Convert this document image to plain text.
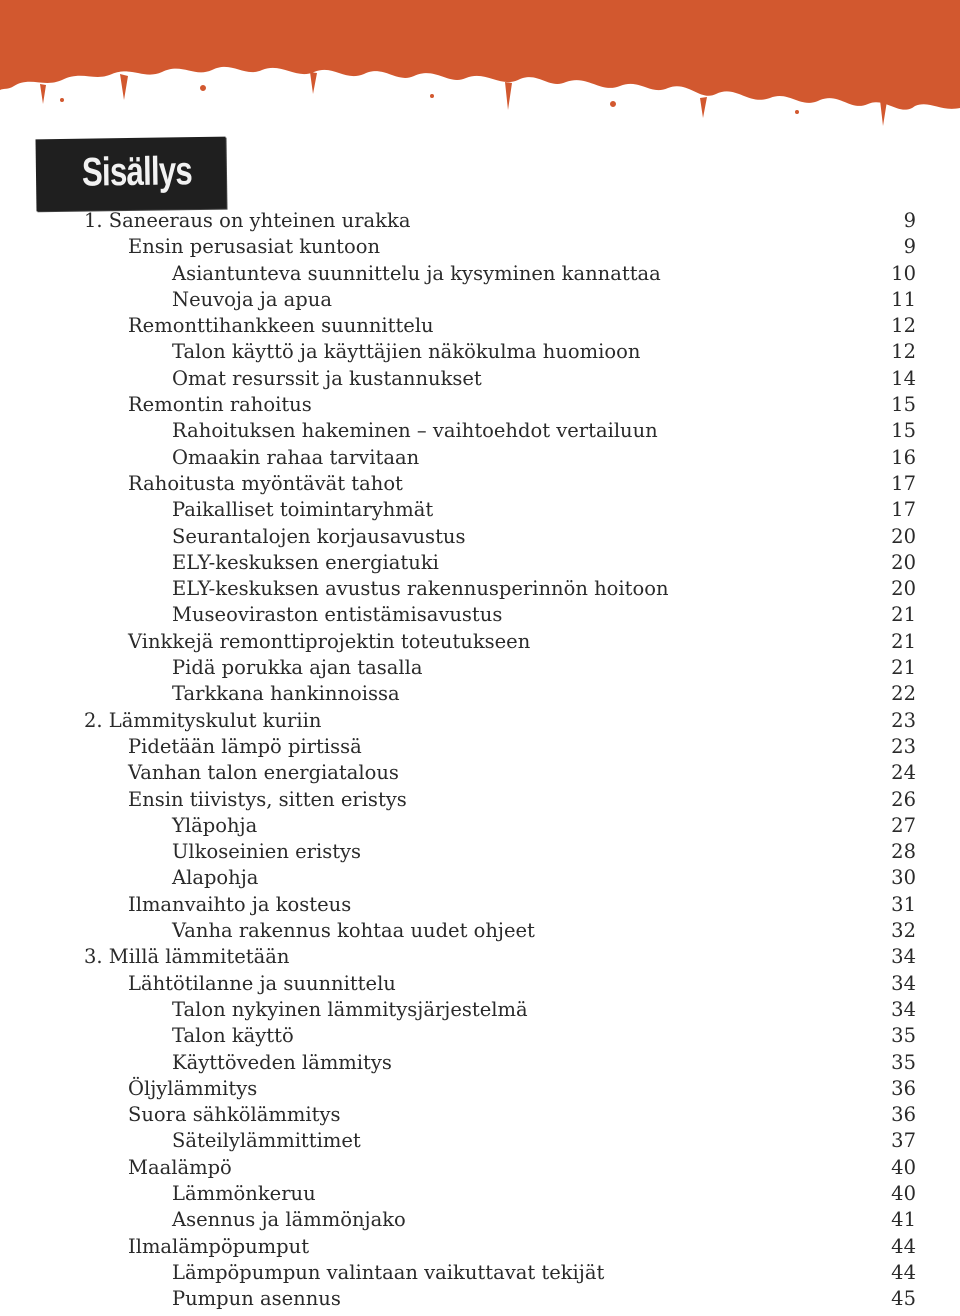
Sisällys
1. Saneeraus on yhteinen urakka	9
Ensin perusasiat kuntoon	9
Asiantunteva suunnittelu ja kysyminen kannattaa	10
Neuvoja ja apua	11
Remonttihankkeen suunnittelu	12
Talon käyttö ja käyttäjien näkökulma huomioon	12
Omat resurssit ja kustannukset	14
Remontin rahoitus	15
Rahoituksen hakeminen – vaihtoehdot vertailuun	15
Omaakin rahaa tarvitaan	16
Rahoitusta myöntävät tahot	17
Paikalliset toimintaryhmät	17
Seurantalojen korjausavustus	20
ELY-keskuksen energiatuki	20
ELY-keskuksen avustus rakennusperinnön hoitoon	20
Museoviraston entistämisavustus	21
Vinkkejä remonttiprojektin toteutukseen	21
Pidä porukka ajan tasalla	21
Tarkkana hankinnoissa	22
2. Lämmityskulut kuriin	23
Pidetään lämpö pirtissä	23
Vanhan talon energiatalous	24
Ensin tiivistys, sitten eristys	26
Yläpohja	27
Ulkoseinien eristys	28
Alapohja	30
Ilmanvaihto ja kosteus	31
Vanha rakennus kohtaa uudet ohjeet	32
3. Millä lämmitetään	34
Lähtötilanne ja suunnittelu	34
Talon nykyinen lämmitysjärjestelmä	34
Talon käyttö	35
Käyttöveden lämmitys	35
Öljylämmitys	36
Suora sähkölämmitys	36
Säteilylämmittimet	37
Maalämpö	40
Lämmönkeruu	40
Asennus ja lämmönjako	41
Ilmalämpöpumput	44
Lämpöpumpun valintaan vaikuttavat tekijät	44
Pumpun asennus	45
